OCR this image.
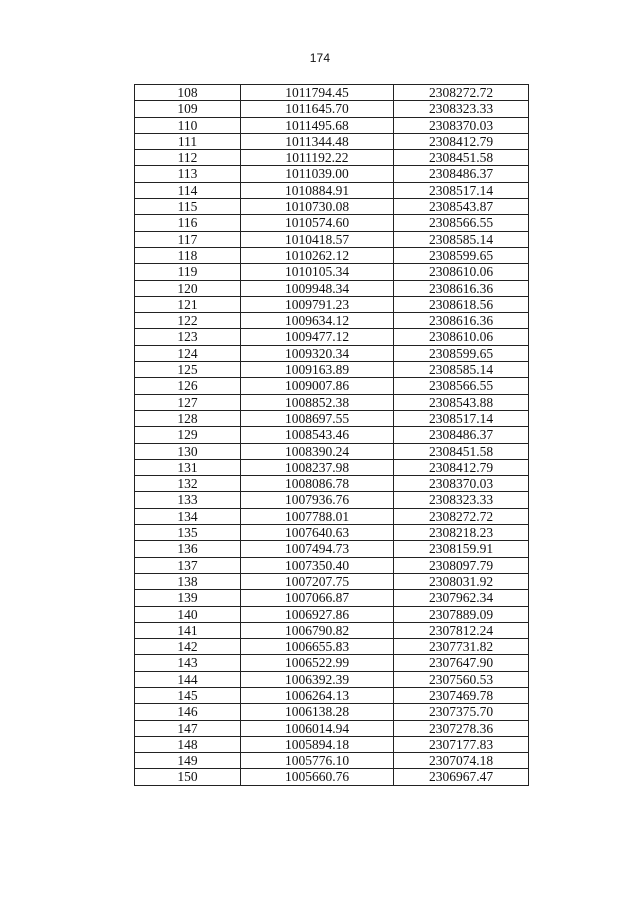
174
108	1011794.45	2308272.72
109	1011645.70	2308323.33
110	1011495.68	2308370.03
111	1011344.48	2308412.79
112	1011192.22	2308451.58
113	1011039.00	2308486.37
114	1010884.91	2308517.14
115	1010730.08	2308543.87
116	1010574.60	2308566.55
117	1010418.57	2308585.14
118	1010262.12	2308599.65
119	1010105.34	2308610.06
120	1009948.34	2308616.36
121	1009791.23	2308618.56
122	1009634.12	2308616.36
123	1009477.12	2308610.06
124	1009320.34	2308599.65
125	1009163.89	2308585.14
126	1009007.86	2308566.55
127	1008852.38	2308543.88
128	1008697.55	2308517.14
129	1008543.46	2308486.37
130	1008390.24	2308451.58
131	1008237.98	2308412.79
132	1008086.78	2308370.03
133	1007936.76	2308323.33
134	1007788.01	2308272.72
135	1007640.63	2308218.23
136	1007494.73	2308159.91
137	1007350.40	2308097.79
138	1007207.75	2308031.92
139	1007066.87	2307962.34
140	1006927.86	2307889.09
141	1006790.82	2307812.24
142	1006655.83	2307731.82
143	1006522.99	2307647.90
144	1006392.39	2307560.53
145	1006264.13	2307469.78
146	1006138.28	2307375.70
147	1006014.94	2307278.36
148	1005894.18	2307177.83
149	1005776.10	2307074.18
150	1005660.76	2306967.47
